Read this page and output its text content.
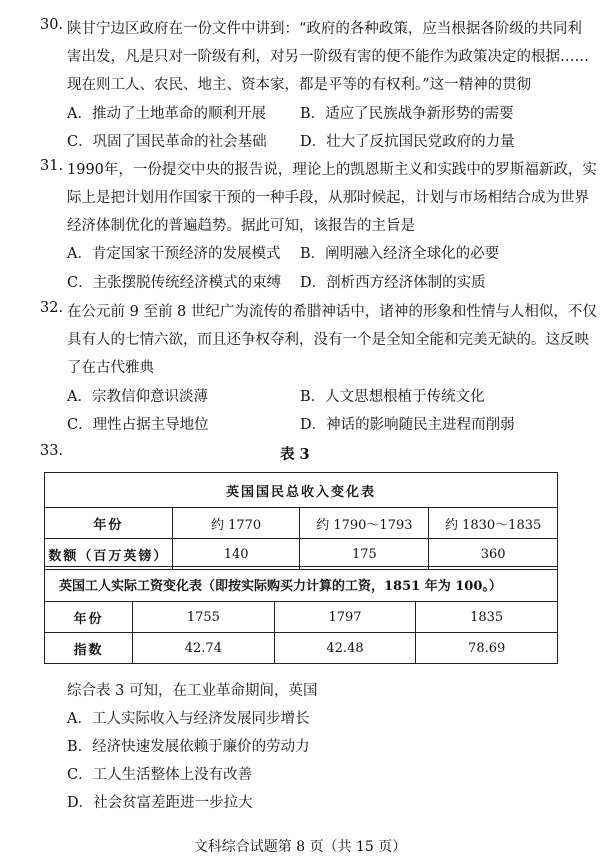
30. 陕甘宁边区政府在一份文件中讲到：“政府的各种政策，应当根据各阶级的共同利
害出发，凡是只对一阶级有利，对另一阶级有害的便不能作为政策决定的根据……
现在则工人、农民、地主、资本家，都是平等的有权利。”这一精神的贯彻
A．推动了土地革命的顺利开展 B．适应了民族战争新形势的需要
C．巩固了国民革命的社会基础 D．壮大了反抗国民党政府的力量
31. 1990年，一份提交中央的报告说，理论上的凯恩斯主义和实践中的罗斯福新政，实
际上是把计划用作国家干预的一种手段，从那时候起，计划与市场相结合成为世界
经济体制优化的普遍趋势。据此可知，该报告的主旨是
A．肯定国家干预经济的发展模式 B．阐明融入经济全球化的必要
C．主张摆脱传统经济模式的束缚 D．剖析西方经济体制的实质
32. 在公元前 9 至前 8 世纪广为流传的希腊神话中，诸神的形象和性情与人相似，不仅
具有人的七情六欲，而且还争权夺利，没有一个是全知全能和完美无缺的。这反映
了在古代雅典
A．宗教信仰意识淡薄	B．人文思想根植于传统文化
C．理性占据主导地位	D．神话的影响随民主进程而削弱
33.	表 3
英国国民总收入变化表			
年份	约 1770	约 1790～1793	约 1830～1835
数额（百万英镑）	140	175	360
英国工人实际工资变化表（即按实际购买力计算的工资，1851 年为 100。）			
年份	1755	1797	1835
指数	42.74	42.48	78.69
综合表 3 可知，在工业革命期间，英国
A．工人实际收入与经济发展同步增长
B．经济快速发展依赖于廉价的劳动力
C．工人生活整体上没有改善
D．社会贫富差距进一步拉大
文科综合试题第 8 页（共 15 页）
